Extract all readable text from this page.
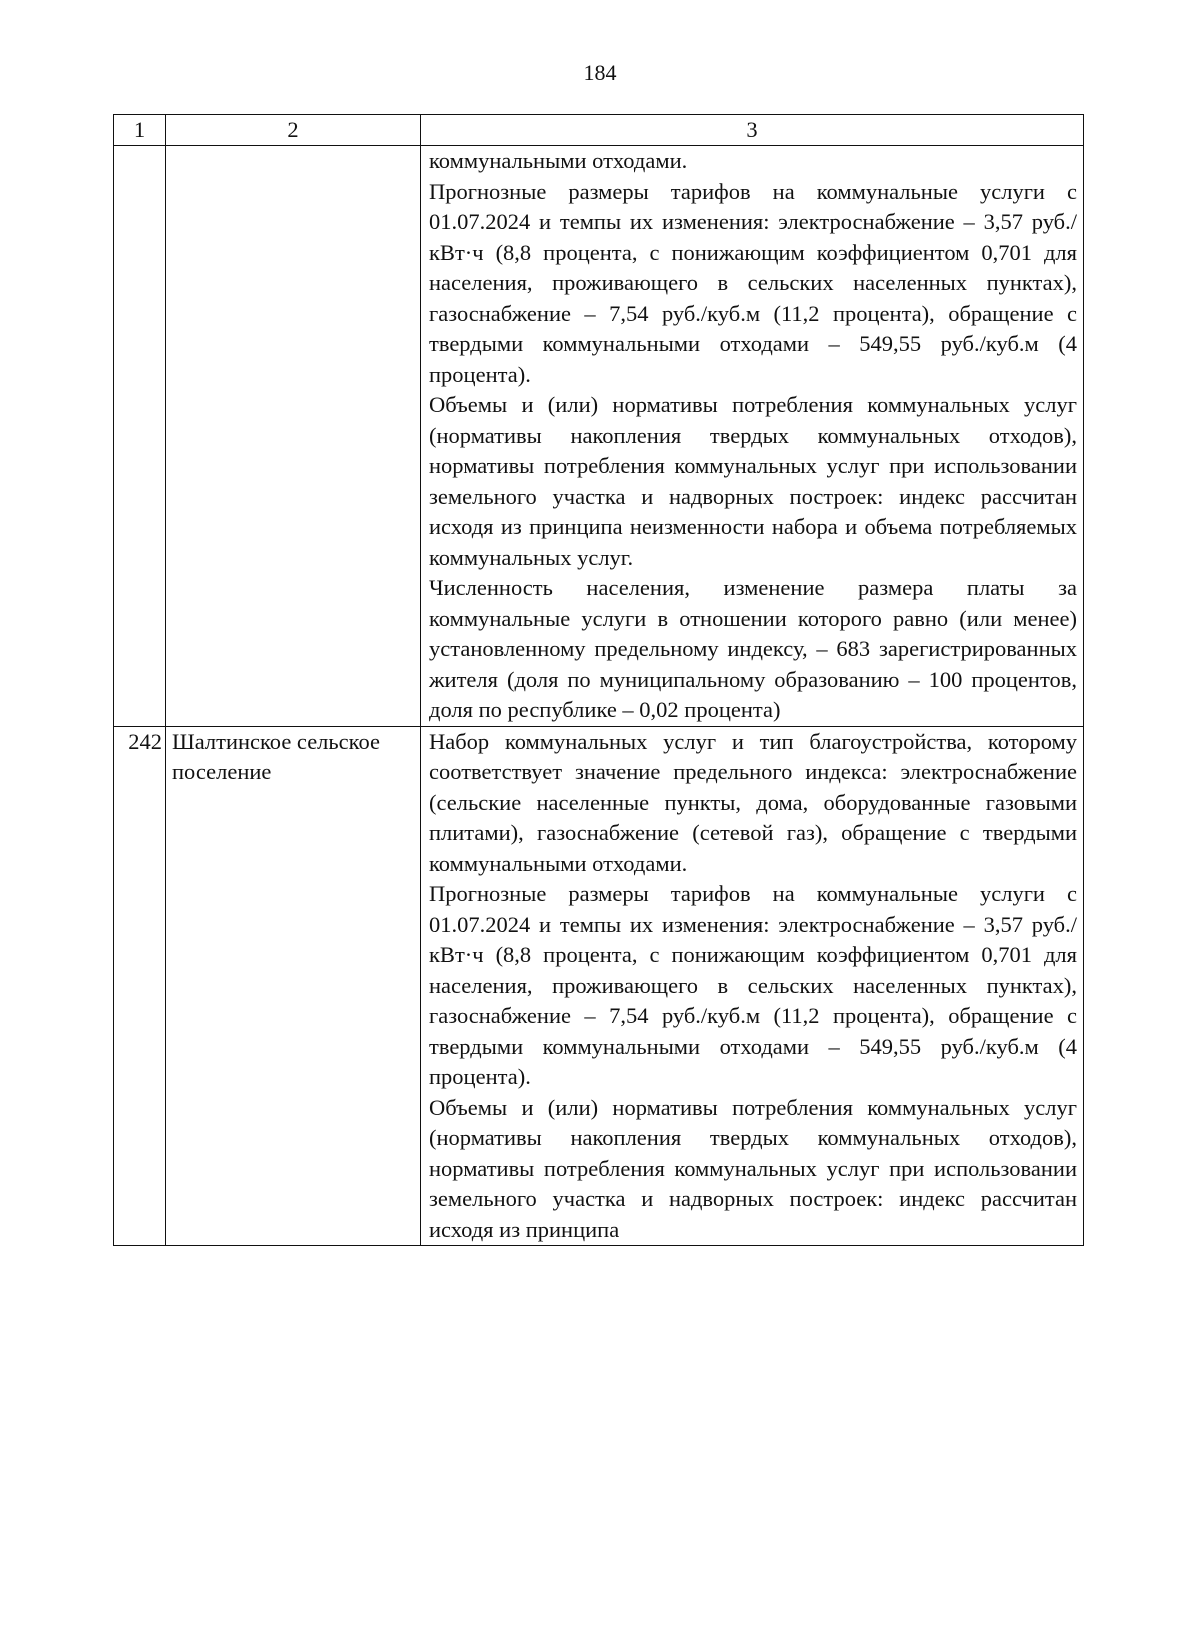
184
1	2	3

		коммунальными отходами.

Прогнозные размеры тарифов на коммунальные услуги с 01.07.2024 и темпы их изменения: электроснабжение – 3,57 руб./кВт·ч (8,8 процента, с понижающим коэффициентом 0,701 для населения, проживающего в сельских населенных пунктах), газоснабжение – 7,54 руб./куб.м (11,2 процента), обращение с твердыми коммунальными отходами – 549,55 руб./куб.м (4 процента).

Объемы и (или) нормативы потребления коммунальных услуг (нормативы накопления твердых коммунальных отходов), нормативы потребления коммунальных услуг при использовании земельного участка и надворных построек: индекс рассчитан исходя из принципа неизменности набора и объема потребляемых коммунальных услуг.

Численность населения, изменение размера платы за коммунальные услуги в отношении которого равно (или менее) установленному предельному индексу, – 683 зарегистрированных жителя (доля по муниципальному образованию – 100 процентов, доля по республике – 0,02 процента)

242	Шалтинское сельское поселение	Набор коммунальных услуг и тип благоустройства, которому соответствует значение предельного индекса: электроснабжение (сельские населенные пункты, дома, оборудованные газовыми плитами), газоснабжение (сетевой газ), обращение с твердыми коммунальными отходами.

Прогнозные размеры тарифов на коммунальные услуги с 01.07.2024 и темпы их изменения: электроснабжение – 3,57 руб./кВт·ч (8,8 процента, с понижающим коэффициентом 0,701 для населения, проживающего в сельских населенных пунктах), газоснабжение – 7,54 руб./куб.м (11,2 процента), обращение с твердыми коммунальными отходами – 549,55 руб./куб.м (4 процента).

Объемы и (или) нормативы потребления коммунальных услуг (нормативы накопления твердых коммунальных отходов), нормативы потребления коммунальных услуг при использовании земельного участка и надворных построек: индекс рассчитан исходя из принципа
